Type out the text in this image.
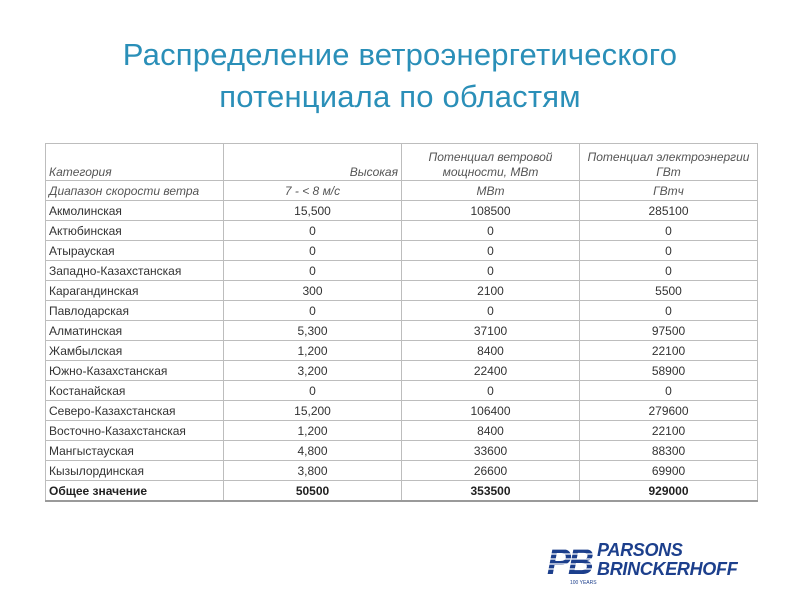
Распределение ветроэнергетического
потенциала по областям
Категория	Высокая	Потенциал ветровой мощности, МВт	Потенциал электроэнергии ГВт
Диапазон скорости ветра	7 - < 8 м/с	МВт	ГВтч
Акмолинская	15,500	108500	285100
Актюбинская	0	0	0
Атырауская	0	0	0
Западно-Казахстанская	0	0	0
Карагандинская	300	2100	5500
Павлодарская	0	0	0
Алматинская	5,300	37100	97500
Жамбылская	1,200	8400	22100
Южно-Казахстанская	3,200	22400	58900
Костанайская	0	0	0
Северо-Казахстанская	15,200	106400	279600
Восточно-Казахстанская	1,200	8400	22100
Мангыстауская	4,800	33600	88300
Кызылординская	3,800	26600	69900
Общее значение	50500	353500	929000
PB
100 YEARS
PARSONS
BRINCKERHOFF
